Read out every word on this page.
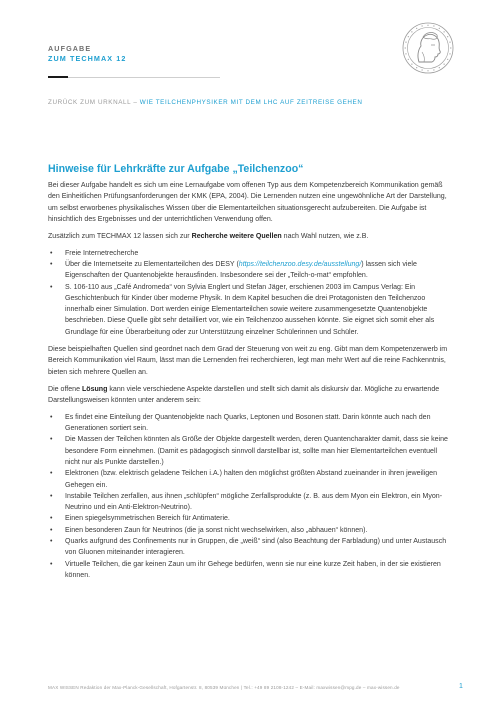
AUFGABE
ZUM TECHMAX 12
ZURÜCK ZUM URKNALL – WIE TEILCHENPHYSIKER MIT DEM LHC AUF ZEITREISE GEHEN
Hinweise für Lehrkräfte zur Aufgabe „Teilchenzoo“

Bei dieser Aufgabe handelt es sich um eine Lernaufgabe vom offenen Typ aus dem Kompetenzbereich Kommunikation gemäß den Einheitlichen Prüfungsanforderungen der KMK (EPA, 2004). Die Lernenden nutzen eine ungewöhnliche Art der Darstellung, um selbst erworbenes physikalisches Wissen über die Elementarteilchen situationsgerecht aufzubereiten. Die Aufgabe ist hinsichtlich des Ergebnisses und der unterrichtlichen Verwendung offen.

Zusätzlich zum TECHMAX 12 lassen sich zur Recherche weitere Quellen nach Wahl nutzen, wie z.B.

• Freie Internetrecherche
• Über die Internetseite zu Elementarteilchen des DESY (https://teilchenzoo.desy.de/ausstellung/) lassen sich viele Eigenschaften der Quantenobjekte herausfinden. Insbesondere sei der „Teilch-o-mat“ empfohlen.
• S. 106-110 aus „Café Andromeda“ von Sylvia Englert und Stefan Jäger, erschienen 2003 im Campus Verlag: Ein Geschichtenbuch für Kinder über moderne Physik. In dem Kapitel besuchen die drei Protagonisten den Teilchenzoo innerhalb einer Simulation. Dort werden einige Elementarteilchen sowie weitere zusammengesetzte Quantenobjekte beschrieben. Diese Quelle gibt sehr detailliert vor, wie ein Teilchenzoo aussehen könnte. Sie eignet sich somit eher als Grundlage für eine Überarbeitung oder zur Unterstützung einzelner Schülerinnen und Schüler.

Diese beispielhaften Quellen sind geordnet nach dem Grad der Steuerung von weit zu eng. Gibt man dem Kompetenzerwerb im Bereich Kommunikation viel Raum, lässt man die Lernenden frei recherchieren, legt man mehr Wert auf die reine Fachkenntnis, bieten sich mehrere Quellen an.

Die offene Lösung kann viele verschiedene Aspekte darstellen und stellt sich damit als diskursiv dar. Mögliche zu erwartende Darstellungsweisen könnten unter anderem sein:

• Es findet eine Einteilung der Quantenobjekte nach Quarks, Leptonen und Bosonen statt. Darin könnte auch nach den Generationen sortiert sein.
• Die Massen der Teilchen könnten als Größe der Objekte dargestellt werden, deren Quantencharakter damit, dass sie keine besondere Form einnehmen. (Damit es pädagogisch sinnvoll darstellbar ist, sollte man hier Elementarteilchen eventuell nicht nur als Punkte darstellen.)
• Elektronen (bzw. elektrisch geladene Teilchen i.A.) halten den möglichst größten Abstand zueinander in ihren jeweiligen Gehegen ein.
• Instabile Teilchen zerfallen, aus ihnen „schlüpfen“ mögliche Zerfallsprodukte (z. B. aus dem Myon ein Elektron, ein Myon-Neutrino und ein Anti-Elektron-Neutrino).
• Einen spiegelsymmetrischen Bereich für Antimaterie.
• Einen besonderen Zaun für Neutrinos (die ja sonst nicht wechselwirken, also „abhauen“ können).
• Quarks aufgrund des Confinements nur in Gruppen, die „weiß“ sind (also Beachtung der Farbladung) und unter Austausch von Gluonen miteinander interagieren.
• Virtuelle Teilchen, die gar keinen Zaun um ihr Gehege bedürfen, wenn sie nur eine kurze Zeit haben, in der sie existieren können.
MAX WISSEN Redaktion der Max-Planck-Gesellschaft, Hofgartenstr. 8, 80539 München | Tel.: +49 89 2108-1242 – E-Mail: maxwissen@mpg.de – max-wissen.de	1
